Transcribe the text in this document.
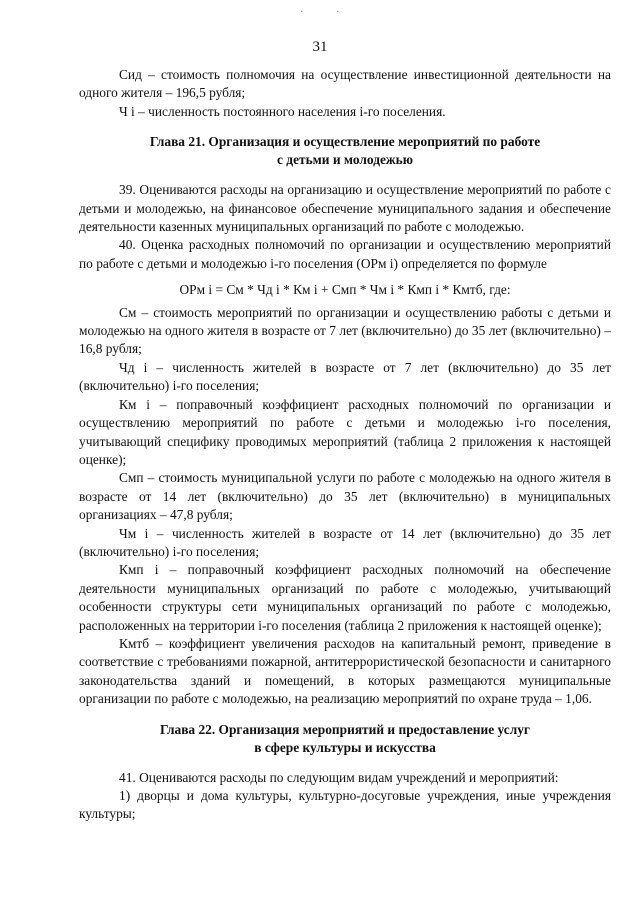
·	·
31

Сид – стоимость полномочия на осуществление инвестиционной деятельности на одного жителя – 196,5 рубля;

Ч i – численность постоянного населения i-го поселения.

Глава 21. Организация и осуществление мероприятий по работе
с детьми и молодежью

39. Оцениваются расходы на организацию и осуществление мероприятий по работе с детьми и молодежью, на финансовое обеспечение муниципального задания и обеспечение деятельности казенных муниципальных организаций по работе с молодежью.

40. Оценка расходных полномочий по организации и осуществлению мероприятий по работе с детьми и молодежью i-го поселения (ОРм i) определяется по формуле

ОРм i = См * Чд i * Км i + Смп * Чм i * Кмп i * Кмтб, где:

См – стоимость мероприятий по организации и осуществлению работы с детьми и молодежью на одного жителя в возрасте от 7 лет (включительно) до 35 лет (включительно) – 16,8 рубля;

Чд i – численность жителей в возрасте от 7 лет (включительно) до 35 лет (включительно) i-го поселения;

Км i – поправочный коэффициент расходных полномочий по организации и осуществлению мероприятий по работе с детьми и молодежью i-го поселения, учитывающий специфику проводимых мероприятий (таблица 2 приложения к настоящей оценке);

Смп – стоимость муниципальной услуги по работе с молодежью на одного жителя в возрасте от 14 лет (включительно) до 35 лет (включительно) в муниципальных организациях – 47,8 рубля;

Чм i – численность жителей в возрасте от 14 лет (включительно) до 35 лет (включительно) i-го поселения;

Кмп i – поправочный коэффициент расходных полномочий на обеспечение деятельности муниципальных организаций по работе с молодежью, учитывающий особенности структуры сети муниципальных организаций по работе с молодежью, расположенных на территории i-го поселения (таблица 2 приложения к настоящей оценке);

Кмтб – коэффициент увеличения расходов на капитальный ремонт, приведение в соответствие с требованиями пожарной, антитеррористической безопасности и санитарного законодательства зданий и помещений, в которых размещаются муниципальные организации по работе с молодежью, на реализацию мероприятий по охране труда – 1,06.

Глава 22. Организация мероприятий и предоставление услуг
в сфере культуры и искусства

41. Оцениваются расходы по следующим видам учреждений и мероприятий:

1) дворцы и дома культуры, культурно-досуговые учреждения, иные учреждения культуры;
